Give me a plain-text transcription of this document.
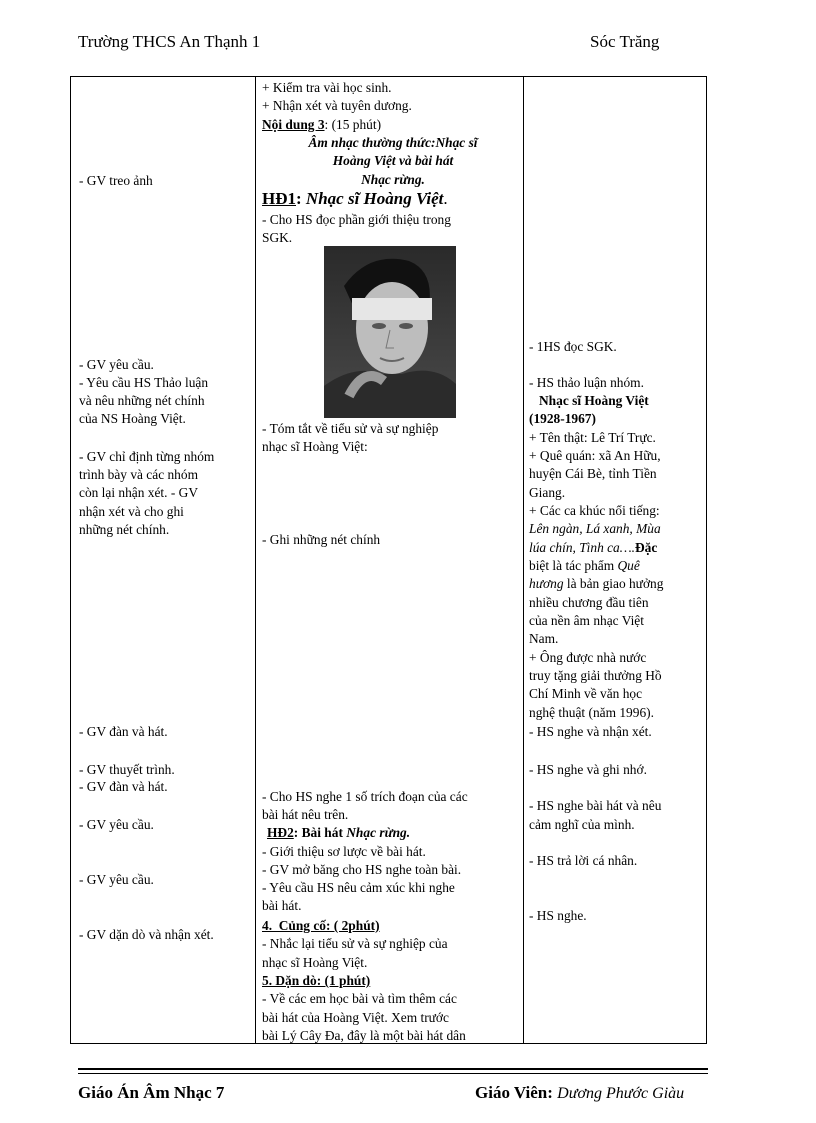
Trường THCS An Thạnh 1	Sóc Trăng
- GV treo ảnh
- GV yêu cầu.
- Yêu cầu HS Thảo luận
và nêu những nét chính
của NS Hoàng Việt.
- GV chỉ định từng nhóm
trình bày và các nhóm
còn lại nhận xét. - GV
nhận xét và cho ghi
những nét chính.
- GV đàn và hát.
- GV thuyết trình.
- GV đàn và hát.
- GV yêu cầu.
- GV yêu cầu.
- GV dặn dò và nhận xét.
+ Kiểm tra vài học sinh.
+ Nhận xét và tuyên dương.
Nội dung 3: (15 phút)
Âm nhạc thường thức:Nhạc sĩ
Hoàng Việt và bài hát
Nhạc rừng.
HĐ1: Nhạc sĩ Hoàng Việt.
- Cho HS đọc phần giới thiệu trong
SGK.
- Tóm tắt về tiểu sử và sự nghiệp
nhạc sĩ Hoàng Việt:
- Ghi những nét chính
- Cho HS nghe 1 số trích đoạn của các
bài hát nêu trên.
HĐ2: Bài hát Nhạc rừng.
- Giới thiệu sơ lược về bài hát.
- GV mở băng cho HS nghe toàn bài.
- Yêu cầu HS nêu cảm xúc khi nghe
bài hát.
4.  Củng cố: ( 2phút)
- Nhắc lại tiểu sử và sự nghiệp của
nhạc sĩ Hoàng Việt.
5. Dặn dò: (1 phút)
- Về các em học bài và tìm thêm các
bài hát của Hoàng Việt. Xem trước
bài Lý Cây Đa, đây là một bài hát dân
- 1HS đọc SGK.
- HS thảo luận nhóm.
Nhạc sĩ Hoàng Việt
(1928-1967)
+ Tên thật: Lê Trí Trực.
+ Quê quán: xã An Hữu,
huyện Cái Bè, tỉnh Tiền
Giang.
+ Các ca khúc nổi tiếng:
Lên ngàn, Lá xanh, Mùa
lúa chín, Tình ca….Đặc
biệt là tác phẩm Quê
hương là bản giao hưởng
nhiều chương đầu tiên
của nền âm nhạc Việt
Nam.
+ Ông được nhà nước
truy tặng giải thưởng Hồ
Chí Minh về văn học
nghệ thuật (năm 1996).
- HS nghe và nhận xét.
- HS nghe và ghi nhớ.
- HS nghe bài hát và nêu
cảm nghĩ của mình.
- HS trả lời cá nhân.
- HS nghe.
Giáo Án Âm Nhạc 7	Giáo Viên: Dương Phước Giàu
